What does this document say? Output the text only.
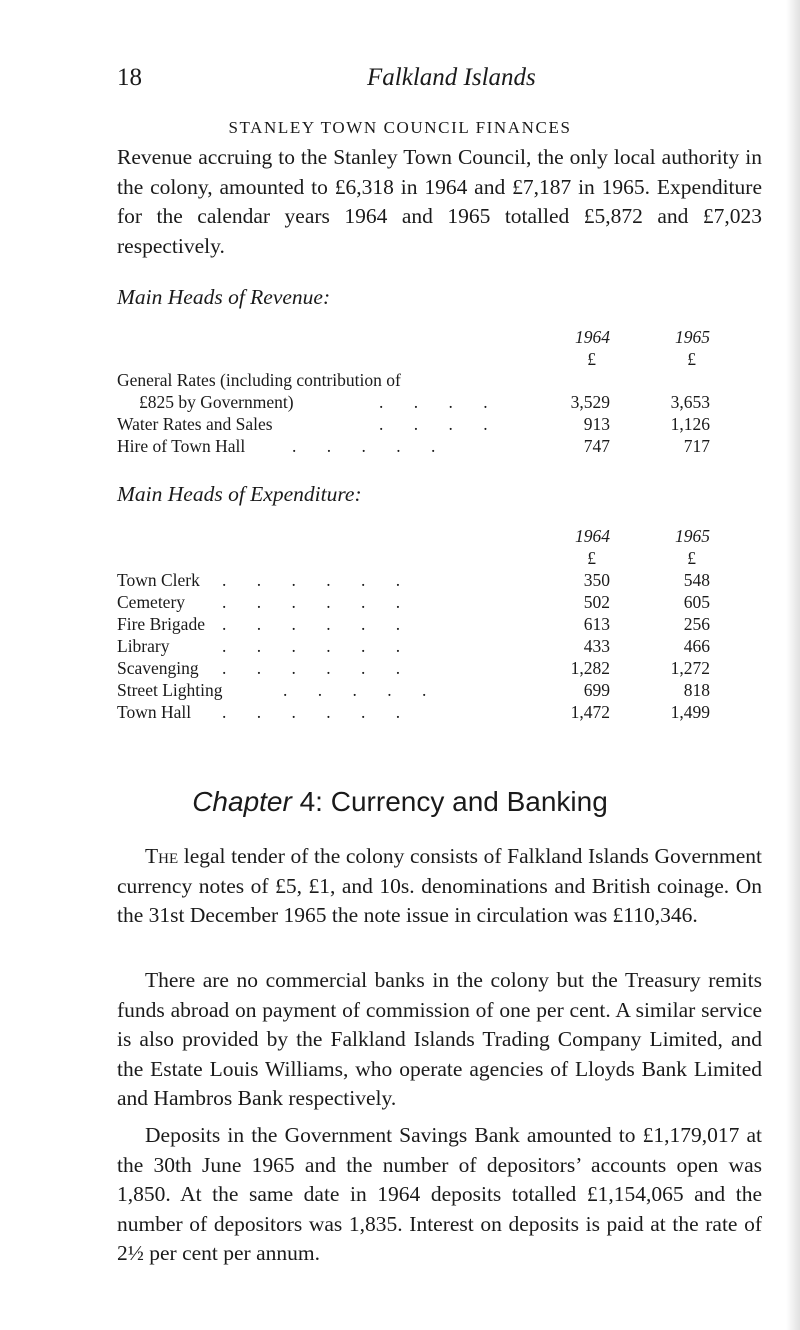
18	Falkland Islands
STANLEY TOWN COUNCIL FINANCES

Revenue accruing to the Stanley Town Council, the only local authority in the colony, amounted to £6,318 in 1964 and £7,187 in 1965. Expenditure for the calendar years 1964 and 1965 totalled £5,872 and £7,023 respectively.

Main Heads of Revenue:
1964	1965
£	£
General Rates (including contribution of
£825 by Government)	. . . .	3,529	3,653
Water Rates and Sales	. . . .	913	1,126
Hire of Town Hall	. . . . .	747	717
Main Heads of Expenditure:
1964	1965
£	£
Town Clerk . . . . . .	350	548
Cemetery . . . . . .	502	605
Fire Brigade . . . . . .	613	256
Library	. . . . . .	433	466
Scavenging . . . . . .	1,282	1,272
Street Lighting	. . . . .	699	818
Town Hall . . . . . .	1,472	1,499
Chapter 4: Currency and Banking

The legal tender of the colony consists of Falkland Islands Government currency notes of £5, £1, and 10s. denominations and British coinage. On the 31st December 1965 the note issue in circulation was £110,346.

There are no commercial banks in the colony but the Treasury remits funds abroad on payment of commission of one per cent. A similar service is also provided by the Falkland Islands Trading Company Limited, and the Estate Louis Williams, who operate agencies of Lloyds Bank Limited and Hambros Bank respectively.

Deposits in the Government Savings Bank amounted to £1,179,017 at the 30th June 1965 and the number of depositors’ accounts open was 1,850. At the same date in 1964 deposits totalled £1,154,065 and the number of depositors was 1,835. Interest on deposits is paid at the rate of 2½ per cent per annum.
